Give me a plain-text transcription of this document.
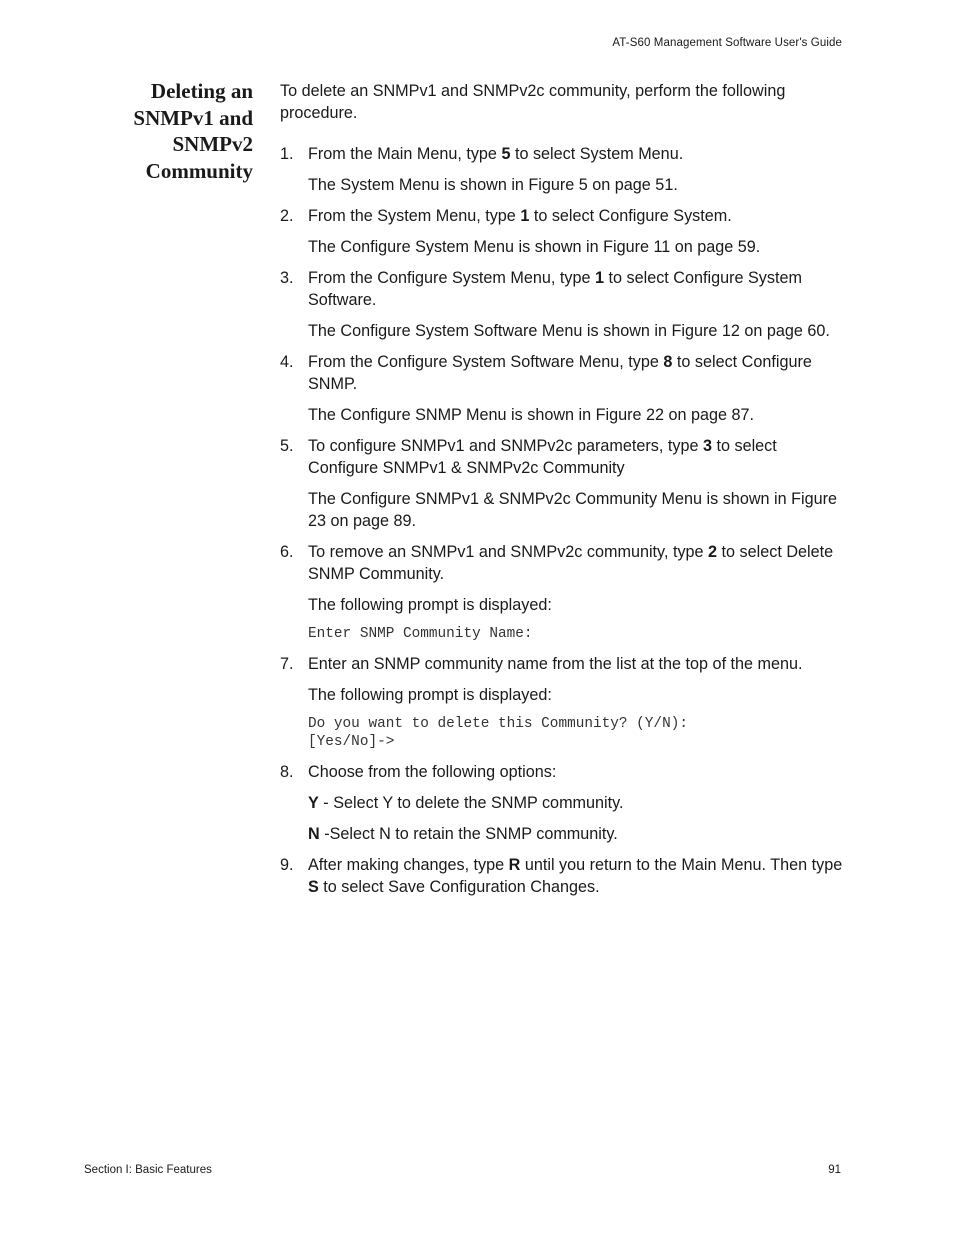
AT-S60 Management Software User's Guide
Deleting an
SNMPv1 and
SNMPv2
Community

To delete an SNMPv1 and SNMPv2c community, perform the following procedure.

1. From the Main Menu, type 5 to select System Menu.

The System Menu is shown in Figure 5 on page 51.

2. From the System Menu, type 1 to select Configure System.

The Configure System Menu is shown in Figure 11 on page 59.

3. From the Configure System Menu, type 1 to select Configure System Software.

The Configure System Software Menu is shown in Figure 12 on page 60.

4. From the Configure System Software Menu, type 8 to select Configure SNMP.

The Configure SNMP Menu is shown in Figure 22 on page 87.

5. To configure SNMPv1 and SNMPv2c parameters, type 3 to select Configure SNMPv1 & SNMPv2c Community

The Configure SNMPv1 & SNMPv2c Community Menu is shown in Figure 23 on page 89.

6. To remove an SNMPv1 and SNMPv2c community, type 2 to select Delete SNMP Community.

The following prompt is displayed:

Enter SNMP Community Name:
7. Enter an SNMP community name from the list at the top of the menu.

The following prompt is displayed:

Do you want to delete this Community? (Y/N):
[Yes/No]->
8. Choose from the following options:

Y - Select Y to delete the SNMP community.

N -Select N to retain the SNMP community.

9. After making changes, type R until you return to the Main Menu. Then type S to select Save Configuration Changes.

Section I: Basic Features	91
